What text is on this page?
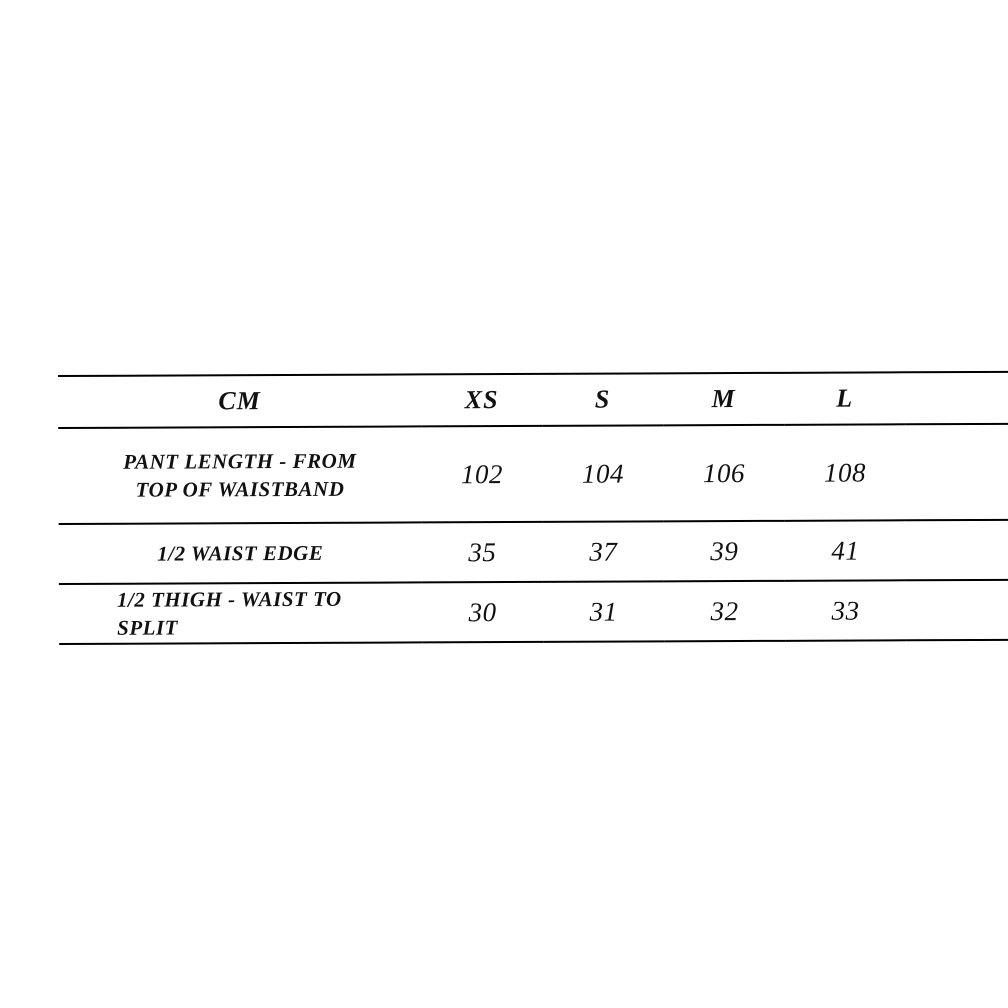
CM	XS	S	M	L	

PANT LENGTH - FROM
TOP OF WAISTBAND	102	104	106	108	

1/2 WAIST EDGE	35	37	39	41	

1/2 THIGH - WAIST TO
SPLIT	30	31	32	33	
